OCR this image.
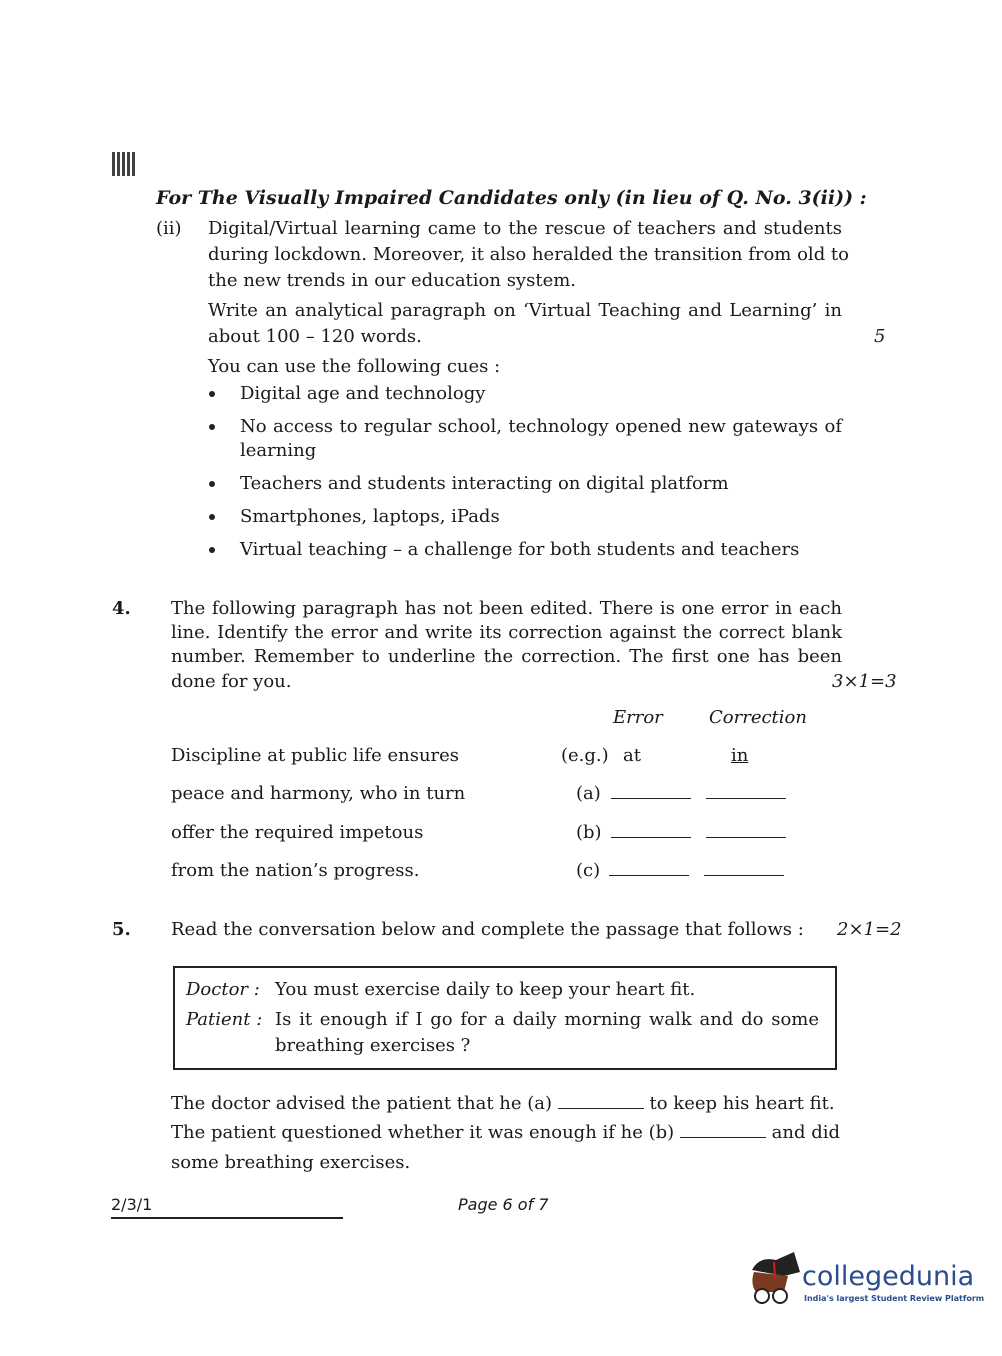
For The Visually Impaired Candidates only (in lieu of Q. No. 3(ii)) :
(ii) Digital/Virtual learning came to the rescue of teachers and students
during lockdown. Moreover, it also heralded the transition from old to
the new trends in our education system.
Write an analytical paragraph on ‘Virtual Teaching and Learning’ in
about 100 – 120 words.	5
You can use the following cues :
Digital age and technology
No access to regular school, technology opened new gateways of
learning
Teachers and students interacting on digital platform
Smartphones, laptops, iPads
Virtual teaching – a challenge for both students and teachers
4. The following paragraph has not been edited. There is one error in each
line. Identify the error and write its correction against the correct blank
number. Remember to underline the correction. The first one has been
done for you.	3×1=3
Error	Correction
Discipline at public life ensures	(e.g.) at	in
peace and harmony, who in turn	(a)
offer the required impetous	(b)
from the nation’s progress.	(c)
5. Read the conversation below and complete the passage that follows : 2×1=2
Doctor : You must exercise daily to keep your heart fit.
Patient : Is it enough if I go for a daily morning walk and do some
breathing exercises ?
The doctor advised the patient that he (a)	to keep his heart fit.
The patient questioned whether it was enough if he (b)	and did
some breathing exercises.
2/3/1	Page 6 of 7
collegedunia
India's largest Student Review Platform
